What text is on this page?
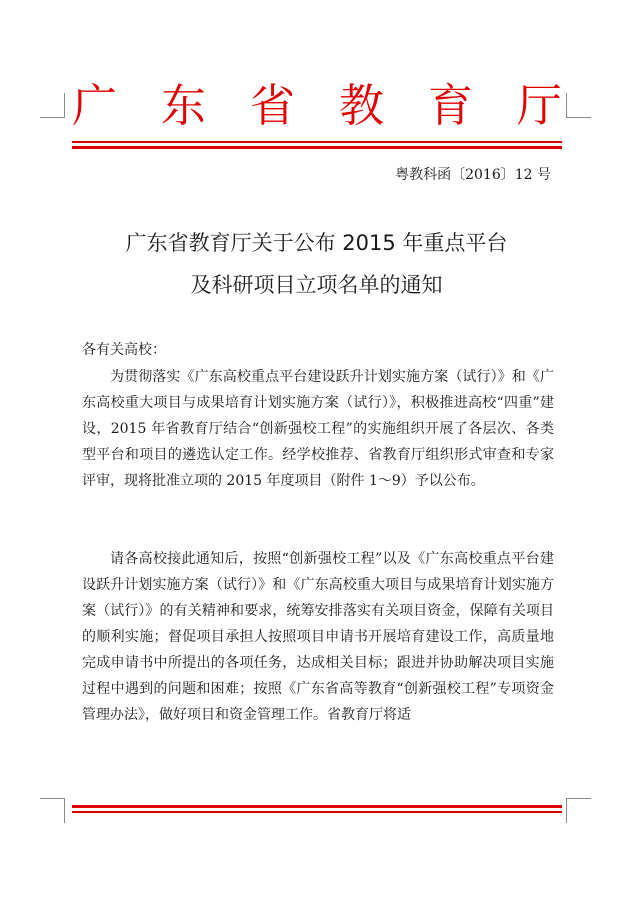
广 东 省 教 育 厅
粤教科函〔2016〕12 号
广东省教育厅关于公布 2015 年重点平台
及科研项目立项名单的通知
各有关高校：

为贯彻落实《广东高校重点平台建设跃升计划实施方案（试行）》和《广东高校重大项目与成果培育计划实施方案（试行）》，积极推进高校“四重”建设，2015 年省教育厅结合“创新强校工程”的实施组织开展了各层次、各类型平台和项目的遴选认定工作。经学校推荐、省教育厅组织形式审查和专家评审，现将批准立项的 2015 年度项目（附件 1～9）予以公布。

请各高校接此通知后，按照“创新强校工程”以及《广东高校重点平台建设跃升计划实施方案（试行）》和《广东高校重大项目与成果培育计划实施方案（试行）》的有关精神和要求，统筹安排落实有关项目资金，保障有关项目的顺利实施；督促项目承担人按照项目申请书开展培育建设工作，高质量地完成申请书中所提出的各项任务，达成相关目标；跟进并协助解决项目实施过程中遇到的问题和困难；按照《广东省高等教育“创新强校工程”专项资金管理办法》，做好项目和资金管理工作。省教育厅将适
